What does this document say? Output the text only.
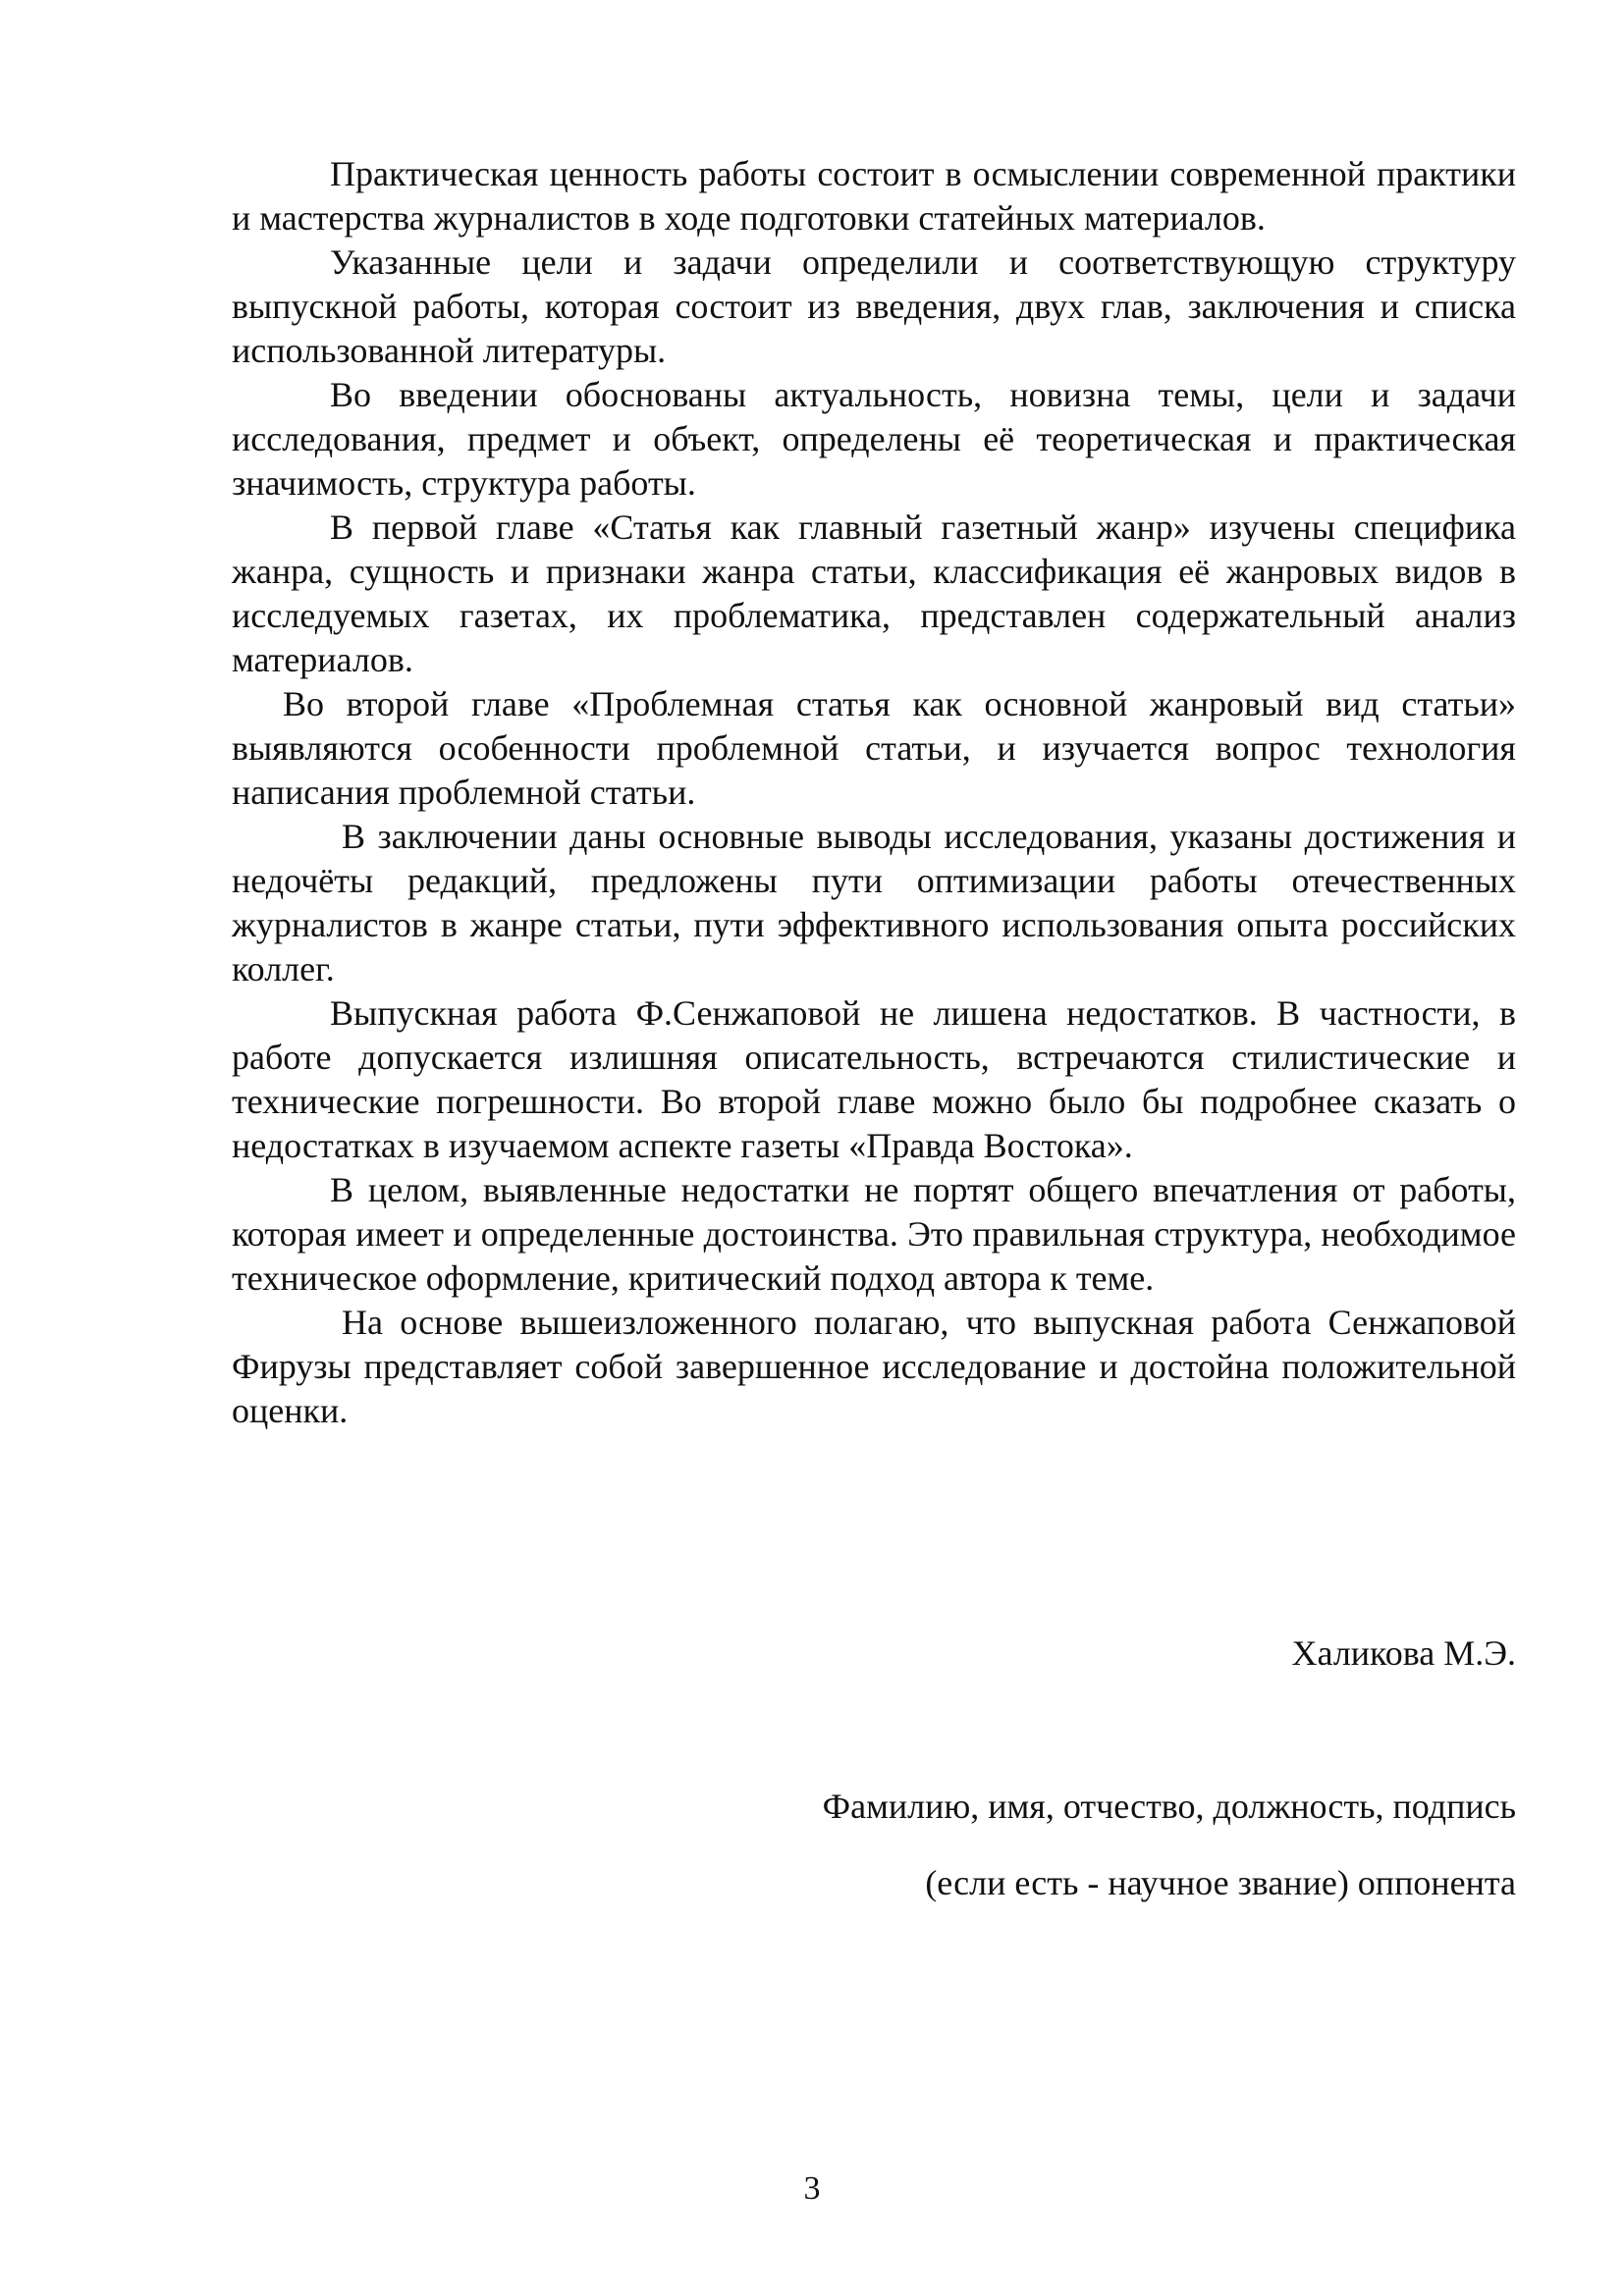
Практическая ценность работы состоит в осмыслении современной практики и мастерства журналистов в ходе подготовки статейных материалов.

Указанные цели и задачи определили и соответствующую структуру выпускной работы, которая состоит из введения, двух глав, заключения и списка использованной литературы.

Во введении обоснованы актуальность, новизна темы, цели и задачи исследования, предмет и объект, определены её теоретическая и практическая значимость, структура работы.

В первой главе «Статья как главный газетный жанр» изучены специфика жанра, сущность и признаки жанра статьи, классификация её жанровых видов в исследуемых газетах, их проблематика, представлен содержательный анализ материалов.

Во второй главе «Проблемная статья как основной жанровый вид статьи» выявляются особенности проблемной статьи, и изучается вопрос технология написания проблемной статьи.

В заключении даны основные выводы исследования, указаны достижения и недочёты редакций, предложены пути оптимизации работы отечественных журналистов в жанре статьи, пути эффективного использования опыта российских коллег.

Выпускная работа Ф.Сенжаповой не лишена недостатков. В частности, в работе допускается излишняя описательность, встречаются стилистические и технические погрешности. Во второй главе можно было бы подробнее сказать о недостатках в изучаемом аспекте газеты «Правда Востока».

В целом, выявленные недостатки не портят общего впечатления от работы, которая имеет и определенные достоинства. Это правильная структура, необходимое техническое оформление, критический подход автора к теме.

На основе вышеизложенного полагаю, что выпускная работа Сенжаповой Фирузы представляет собой завершенное исследование и достойна положительной оценки.

Халикова М.Э.
Фамилию, имя, отчество, должность, подпись
(если есть - научное звание) оппонента
3
